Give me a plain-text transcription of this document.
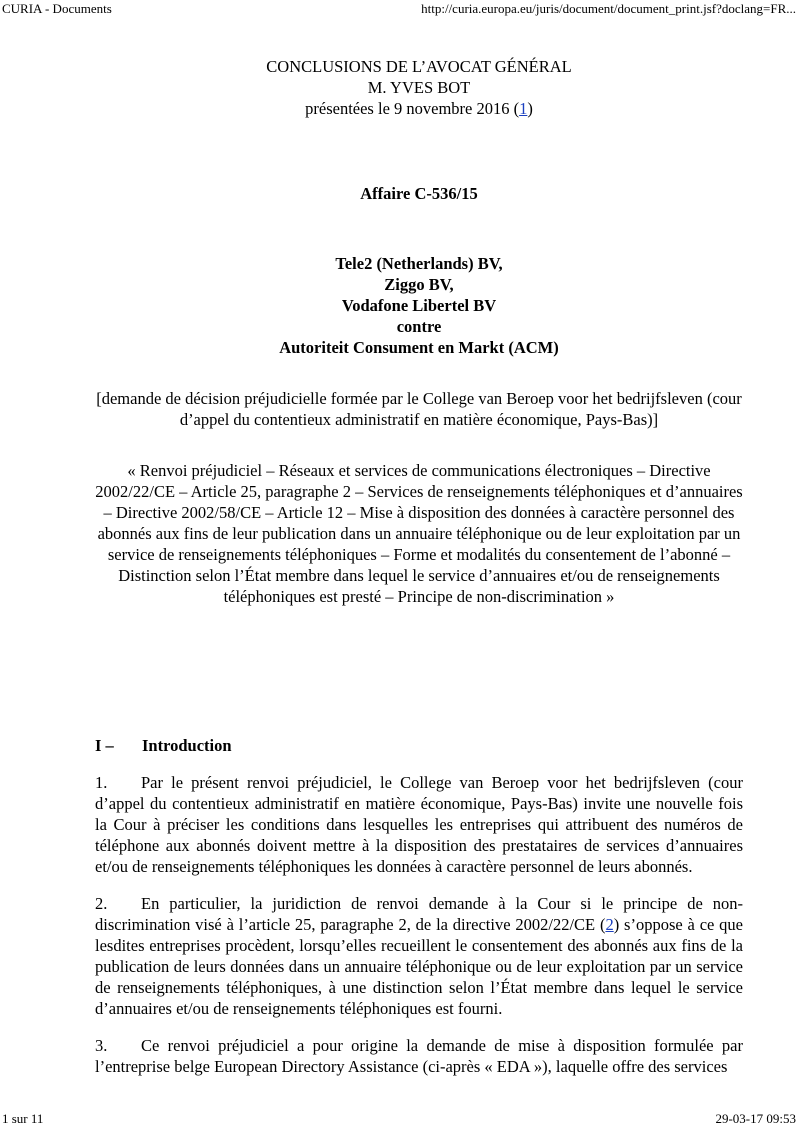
CURIA - Documents	http://curia.europa.eu/juris/document/document_print.jsf?doclang=FR...
CONCLUSIONS DE L’AVOCAT GÉNÉRAL
M. YVES BOT
présentées le 9 novembre 2016 (1)
Affaire C-536/15
Tele2 (Netherlands) BV,
Ziggo BV,
Vodafone Libertel BV
contre
Autoriteit Consument en Markt (ACM)
[demande de décision préjudicielle formée par le College van Beroep voor het bedrijfsleven (cour d’appel du contentieux administratif en matière économique, Pays-Bas)]
« Renvoi préjudiciel – Réseaux et services de communications électroniques – Directive 2002/22/CE – Article 25, paragraphe 2 – Services de renseignements téléphoniques et d’annuaires – Directive 2002/58/CE – Article 12 – Mise à disposition des données à caractère personnel des abonnés aux fins de leur publication dans un annuaire téléphonique ou de leur exploitation par un service de renseignements téléphoniques – Forme et modalités du consentement de l’abonné – Distinction selon l’État membre dans lequel le service d’annuaires et/ou de renseignements téléphoniques est presté – Principe de non-discrimination »
I – Introduction
1. Par le présent renvoi préjudiciel, le College van Beroep voor het bedrijfsleven (cour d’appel du contentieux administratif en matière économique, Pays-Bas) invite une nouvelle fois la Cour à préciser les conditions dans lesquelles les entreprises qui attribuent des numéros de téléphone aux abonnés doivent mettre à la disposition des prestataires de services d’annuaires et/ou de renseignements téléphoniques les données à caractère personnel de leurs abonnés.
2. En particulier, la juridiction de renvoi demande à la Cour si le principe de non-discrimination visé à l’article 25, paragraphe 2, de la directive 2002/22/CE (2) s’oppose à ce que lesdites entreprises procèdent, lorsqu’elles recueillent le consentement des abonnés aux fins de la publication de leurs données dans un annuaire téléphonique ou de leur exploitation par un service de renseignements téléphoniques, à une distinction selon l’État membre dans lequel le service d’annuaires et/ou de renseignements téléphoniques est fourni.
3. Ce renvoi préjudiciel a pour origine la demande de mise à disposition formulée par l’entreprise belge European Directory Assistance (ci-après « EDA »), laquelle offre des services
1 sur 11	29-03-17 09:53
